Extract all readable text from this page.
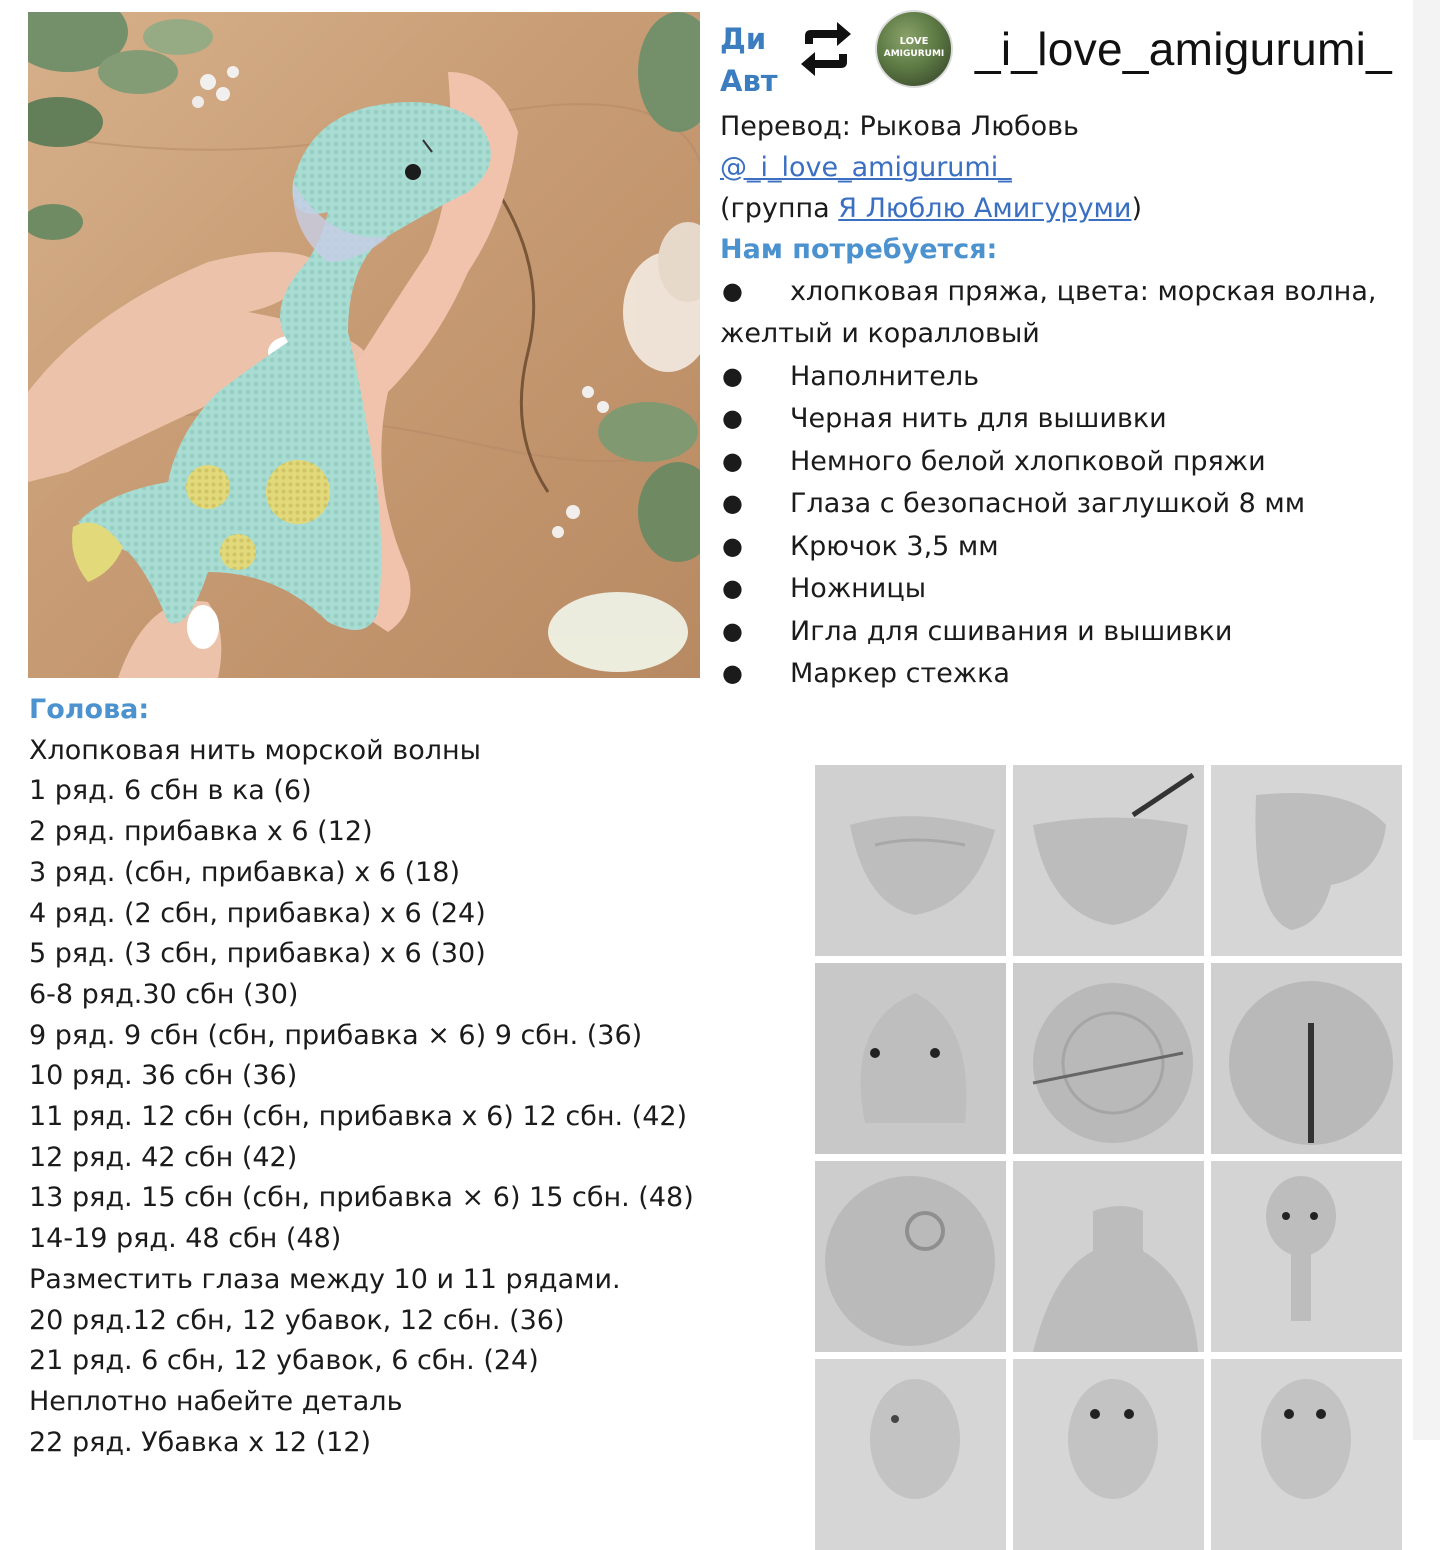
Ди
Авт
LOVE
AMIGURUMI _i_love_amigurumi_
Перевод: Рыкова Любовь
@_i_love_amigurumi_
(группа Я Люблю Амигуруми)
Нам потребуется:
●	хлопковая пряжа, цвета: морская волна,
желтый и коралловый
●	Наполнитель
●	Черная нить для вышивки
●	Немного белой хлопковой пряжи
●	Глаза с безопасной заглушкой 8 мм
●	Крючок 3,5 мм
●	Ножницы
●	Игла для сшивания и вышивки
●	Маркер стежка
Голова:
Хлопковая нить морской волны
1 ряд. 6 сбн в ка (6)
2 ряд. прибавка х 6 (12)
3 ряд. (сбн, прибавка) х 6 (18)
4 ряд. (2 сбн, прибавка) х 6 (24)
5 ряд. (3 сбн, прибавка) х 6 (30)
6-8 ряд.30 сбн (30)
9 ряд. 9 сбн (сбн, прибавка × 6) 9 сбн. (36)
10 ряд. 36 сбн (36)
11 ряд. 12 сбн (сбн, прибавка х 6) 12 сбн. (42)
12 ряд. 42 сбн (42)
13 ряд. 15 сбн (сбн, прибавка × 6) 15 сбн. (48)
14-19 ряд. 48 сбн (48)
Разместить глаза между 10 и 11 рядами.
20 ряд.12 сбн, 12 убавок, 12 сбн. (36)
21 ряд. 6 сбн, 12 убавок, 6 сбн. (24)
Неплотно набейте деталь
22 ряд. Убавка х 12 (12)
